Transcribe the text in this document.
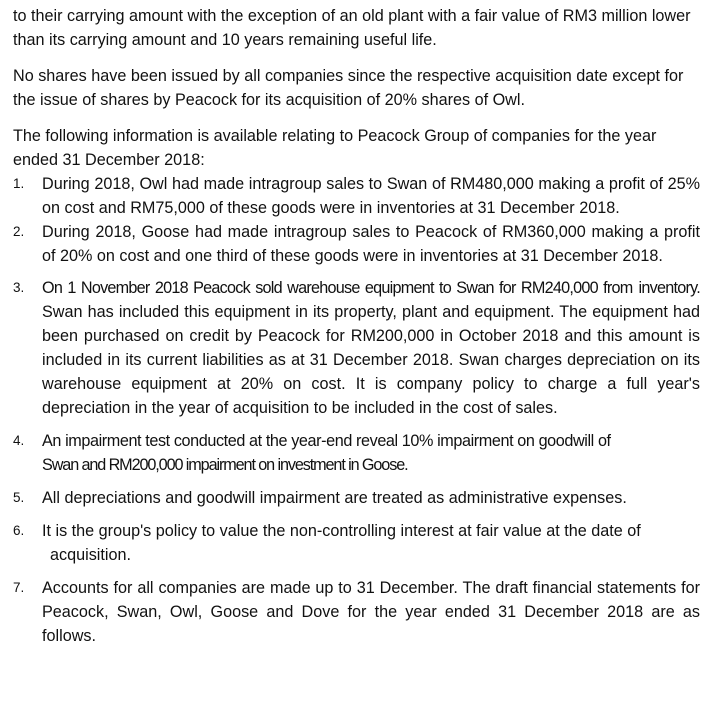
to their carrying amount with the exception of an old plant with a fair value of RM3 million lower than its carrying amount and 10 years remaining useful life.

No shares have been issued by all companies since the respective acquisition date except for the issue of shares by Peacock for its acquisition of 20% shares of Owl.

The following information is available relating to Peacock Group of companies for the year ended 31 December 2018:

1.	During 2018, Owl had made intragroup sales to Swan of RM480,000 making a profit of 25% on cost and RM75,000 of these goods were in inventories at 31 December 2018.
2.	During 2018, Goose had made intragroup sales to Peacock of RM360,000 making a profit of 20% on cost and one third of these goods were in inventories at 31 December 2018.
3.	On 1 November 2018 Peacock sold warehouse equipment to Swan for RM240,000 from inventory. Swan has included this equipment in its property, plant and equipment. The equipment had been purchased on credit by Peacock for RM200,000 in October 2018 and this amount is included in its current liabilities as at 31 December 2018. Swan charges depreciation on its warehouse equipment at 20% on cost. It is company policy to charge a full year's depreciation in the year of acquisition to be included in the cost of sales.
4.	An impairment test conducted at the year-end reveal 10% impairment on goodwill of
Swan and RM200,000 impairment on investment in Goose.
5.	All depreciations and goodwill impairment are treated as administrative expenses.
6.	It is the group's policy to value the non-controlling interest at fair value at the date of
acquisition.
7.	Accounts for all companies are made up to 31 December. The draft financial statements for Peacock, Swan, Owl, Goose and Dove for the year ended 31 December 2018 are as follows.
